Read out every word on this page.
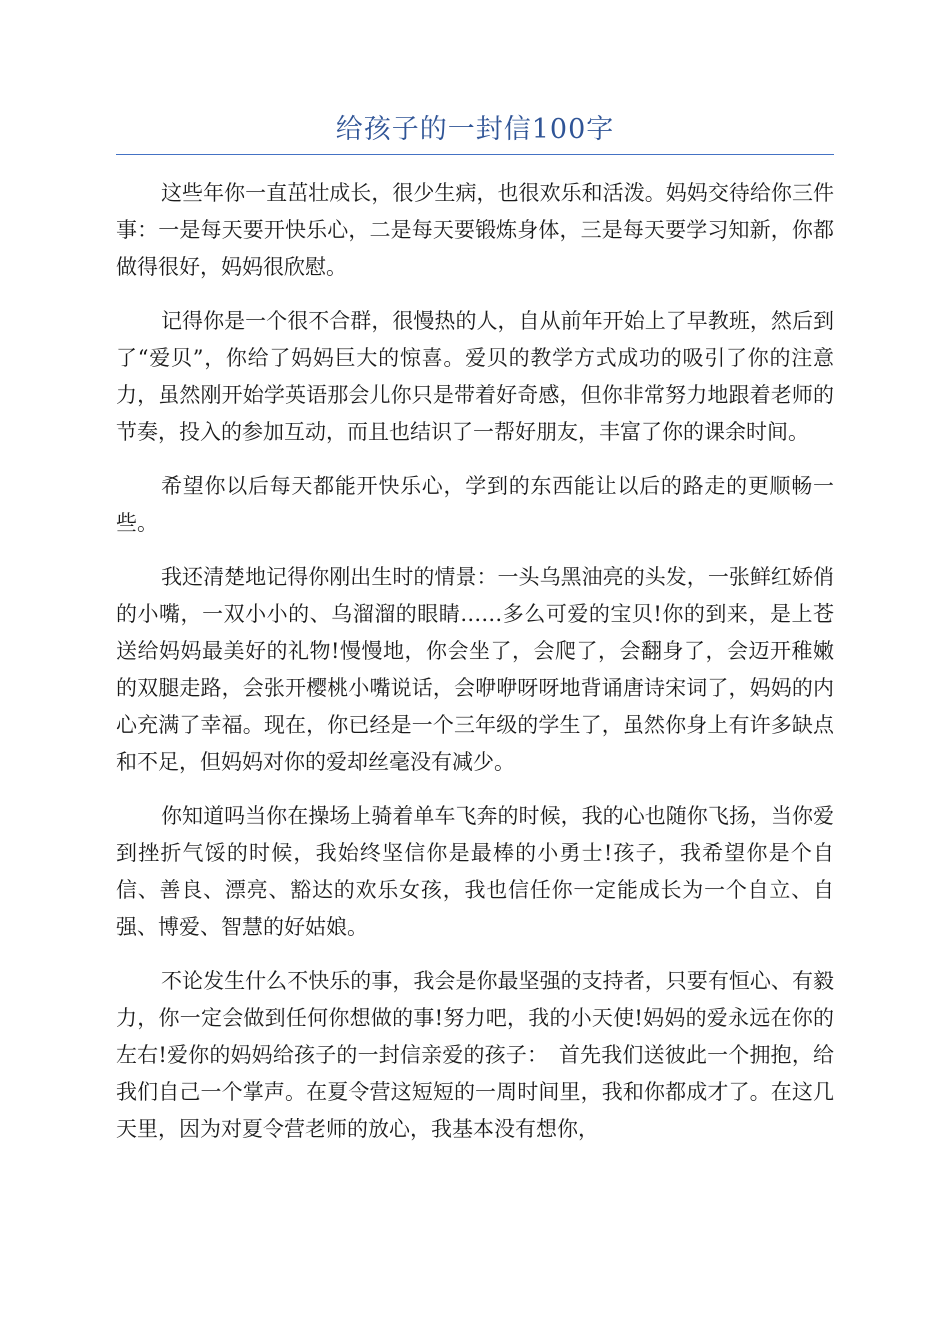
给孩子的一封信100字

这些年你一直茁壮成长，很少生病，也很欢乐和活泼。妈妈交待给你三件事：一是每天要开快乐心，二是每天要锻炼身体，三是每天要学习知新，你都做得很好，妈妈很欣慰。

记得你是一个很不合群，很慢热的人，自从前年开始上了早教班，然后到了“爱贝”，你给了妈妈巨大的惊喜。爱贝的教学方式成功的吸引了你的注意力，虽然刚开始学英语那会儿你只是带着好奇感，但你非常努力地跟着老师的节奏，投入的参加互动，而且也结识了一帮好朋友，丰富了你的课余时间。

希望你以后每天都能开快乐心，学到的东西能让以后的路走的更顺畅一些。

我还清楚地记得你刚出生时的情景：一头乌黑油亮的头发，一张鲜红娇俏的小嘴，一双小小的、乌溜溜的眼睛……多么可爱的宝贝!你的到来，是上苍送给妈妈最美好的礼物!慢慢地，你会坐了，会爬了，会翻身了，会迈开稚嫩的双腿走路，会张开樱桃小嘴说话，会咿咿呀呀地背诵唐诗宋词了，妈妈的内心充满了幸福。现在，你已经是一个三年级的学生了，虽然你身上有许多缺点和不足，但妈妈对你的爱却丝毫没有减少。

你知道吗当你在操场上骑着单车飞奔的时候，我的心也随你飞扬，当你爱到挫折气馁的时候，我始终坚信你是最棒的小勇士!孩子，我希望你是个自信、善良、漂亮、豁达的欢乐女孩，我也信任你一定能成长为一个自立、自强、博爱、智慧的好姑娘。

不论发生什么不快乐的事，我会是你最坚强的支持者，只要有恒心、有毅力，你一定会做到任何你想做的事!努力吧，我的小天使!妈妈的爱永远在你的左右!爱你的妈妈给孩子的一封信亲爱的孩子：　首先我们送彼此一个拥抱，给我们自己一个掌声。在夏令营这短短的一周时间里，我和你都成才了。在这几天里，因为对夏令营老师的放心，我基本没有想你，
